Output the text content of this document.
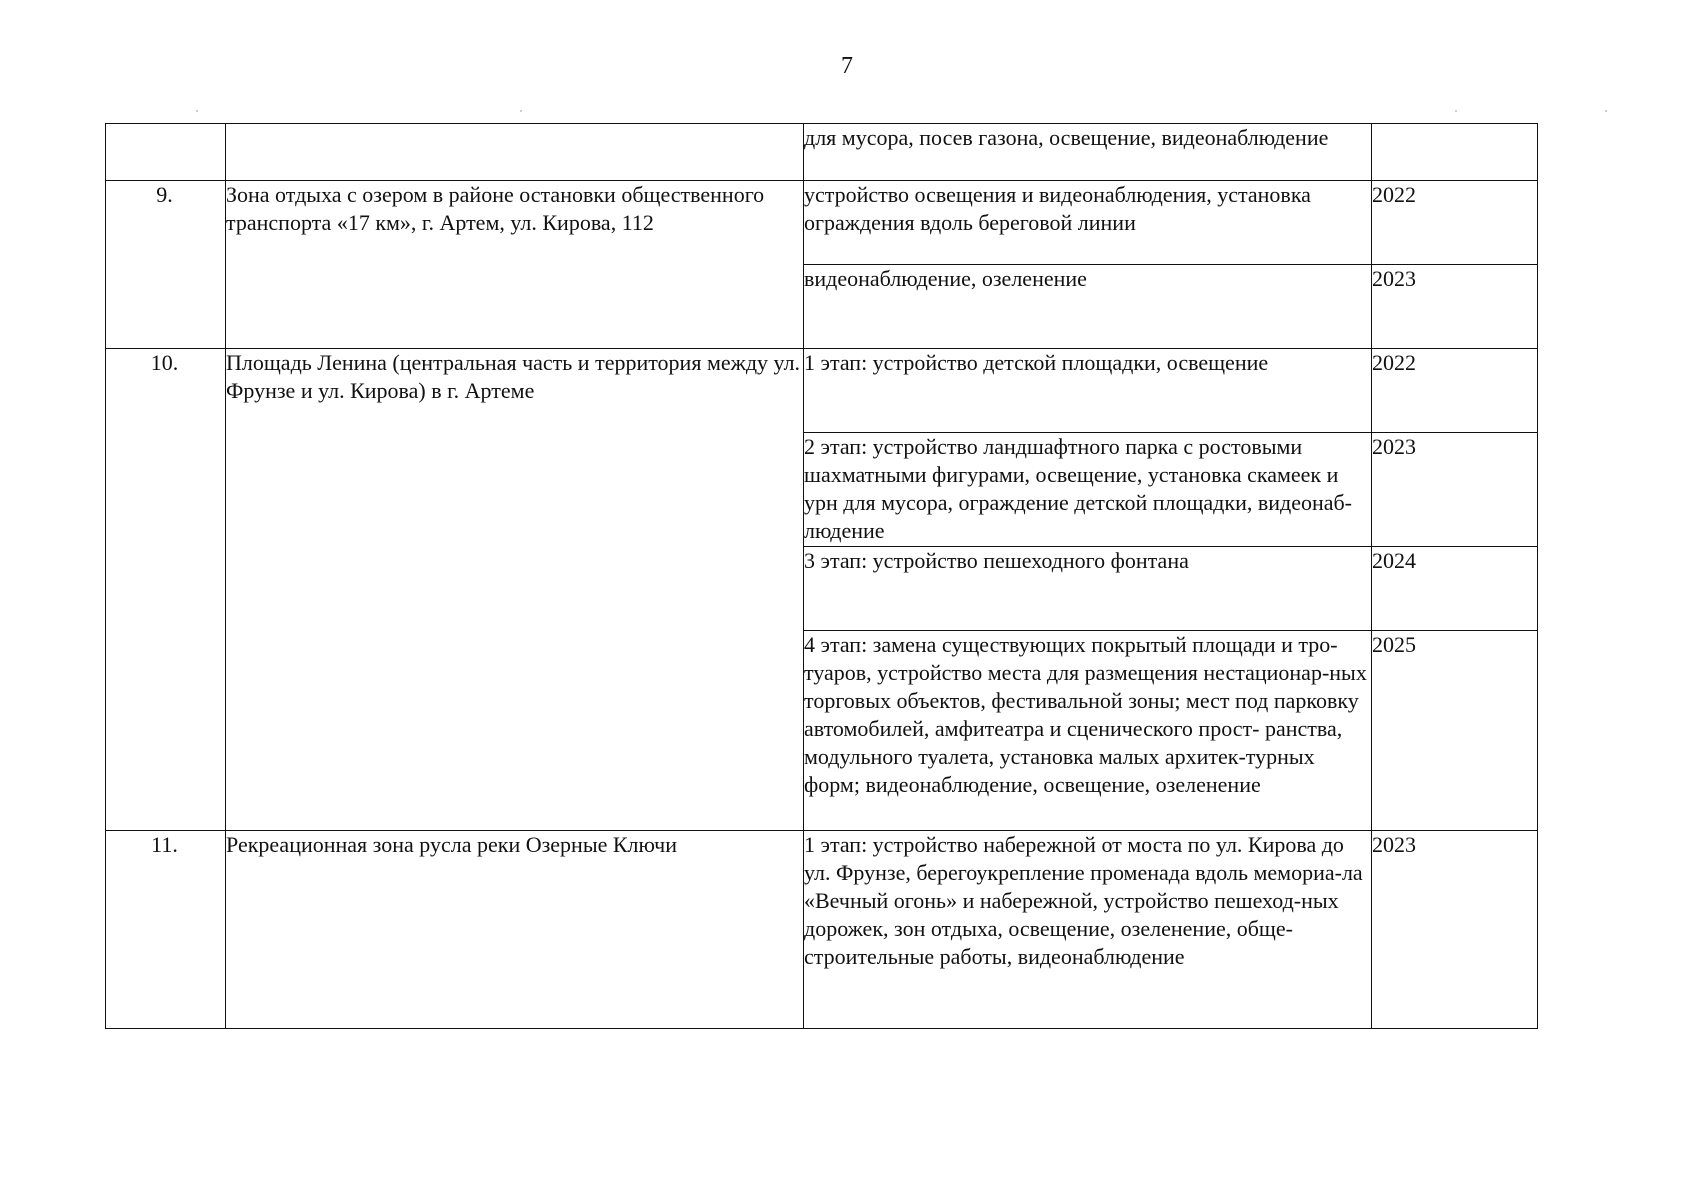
7
		для мусора, посев газона, освещение, видеонаблюдение	
9.	Зона отдыха с озером в районе остановки общественного транспорта «17 км», г. Артем, ул. Кирова, 112	устройство освещения и видеонаблюдения, установка ограждения вдоль береговой линии	2022
		видеонаблюдение, озеленение	2023
10.	Площадь Ленина (центральная часть и территория между ул. Фрунзе и ул. Кирова) в г. Артеме	1 этап: устройство детской площадки, освещение	2022
		2 этап: устройство ландшафтного парка с ростовыми шахматными фигурами, освещение, установка скамеек и урн для мусора, ограждение детской площадки, видеонаб-людение	2023
		3 этап: устройство пешеходного фонтана	2024
		4 этап: замена существующих покрытый площади и тро-туаров, устройство места для размещения нестационар-ных торговых объектов, фестивальной зоны; мест под парковку автомобилей, амфитеатра и сценического прост- ранства, модульного туалета, установка малых архитек-турных форм; видеонаблюдение, освещение, озеленение	2025
11.	Рекреационная зона русла реки Озерные Ключи	1 этап: устройство набережной от моста по ул. Кирова до
ул. Фрунзе, берегоукрепление променада вдоль мемориа-ла «Вечный огонь» и набережной, устройство пешеход-ных дорожек, зон отдыха, освещение, озеленение, обще-строительные работы, видеонаблюдение	2023
